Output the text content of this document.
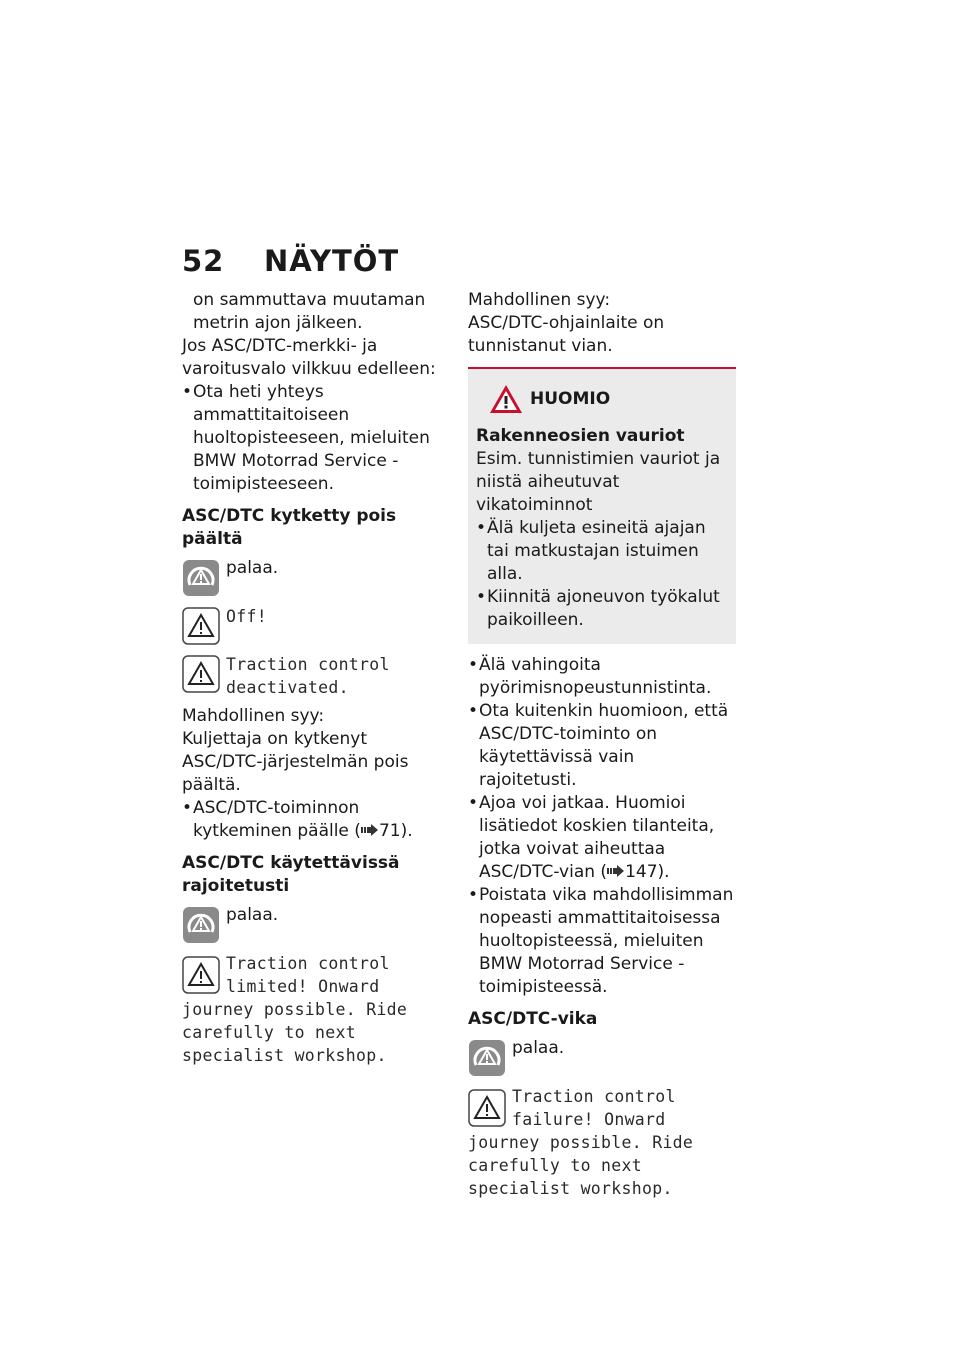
52 NÄYTÖT

on sammuttava muutaman metrin ajon jälkeen.

Jos ASC/DTC-merkki- ja varoitusvalo vilkkuu edelleen:

• Ota heti yhteys ammattitaitoiseen huoltopisteeseen, mieluiten BMW Motorrad Service -toimipisteeseen.

ASC/DTC kytketty pois päältä

palaa.
Off!
Traction control deactivated.

Mahdollinen syy:

Kuljettaja on kytkenyt ASC/DTC-järjestelmän pois päältä.

• ASC/DTC-toiminnon kytkeminen päälle ( 71).

ASC/DTC käytettävissä rajoitetusti

palaa.
Traction control limited! Onward journey possible. Ride carefully to next specialist workshop.

Mahdollinen syy:

ASC/DTC-ohjainlaite on tunnistanut vian.

HUOMIO

Rakenneosien vauriot

Esim. tunnistimien vauriot ja niistä aiheutuvat vikatoiminnot

• Älä kuljeta esineitä ajajan tai matkustajan istuimen alla.

• Kiinnitä ajoneuvon työkalut paikoilleen.

• Älä vahingoita pyörimisnopeustunnistinta.

• Ota kuitenkin huomioon, että ASC/DTC-toiminto on käytettävissä vain rajoitetusti.

• Ajoa voi jatkaa. Huomioi lisätiedot koskien tilanteita, jotka voivat aiheuttaa ASC/DTC-vian ( 147).

• Poistata vika mahdollisimman nopeasti ammattitaitoisessa huoltopisteessä, mieluiten BMW Motorrad Service -toimipisteessä.

ASC/DTC-vika

palaa.
Traction control failure! Onward journey possible. Ride carefully to next specialist workshop.
